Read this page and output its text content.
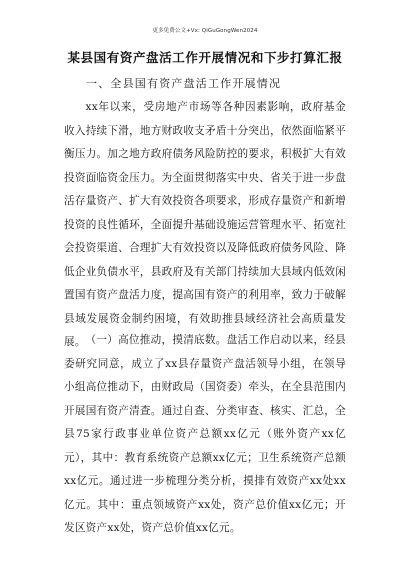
更多免费公文+Vx: QiGuGongWen2024
某县国有资产盘活工作开展情况和下步打算汇报
一、全县国有资产盘活工作开展情况

xx年以来，受房地产市场等各种因素影响，政府基金收入持续下滑，地方财政收支矛盾十分突出，依然面临紧平衡压力。加之地方政府债务风险防控的要求，积极扩大有效投资面临资金压力。为全面贯彻落实中央、省关于进一步盘活存量资产、扩大有效投资各项要求，形成存量资产和新增投资的良性循环，全面提升基础设施运营管理水平、拓宽社会投资渠道、合理扩大有效投资以及降低政府债务风险、降低企业负债水平，县政府及有关部门持续加大县域内低效闲置国有资产盘活力度，提高国有资产的利用率，致力于破解县域发展资金制约困境，有效助推县域经济社会高质量发展。 （一）高位推动，摸清底数。盘活工作启动以来，经县委研究同意，成立了xx县存量资产盘活领导小组，在领导小组高位推动下，由财政局（国资委）牵头，在全县范围内开展国有资产清查。通过自查、分类审查、核实、汇总，全县75家行政事业单位资产总额xx亿元（账外资产xx亿元），其中：教育系统资产总额xx亿元；卫生系统资产总额xx亿元。通过进一步梳理分类分析，摸排有效资产xx处xx亿元。其中：重点领域资产xx处，资产总价值xx亿元；开发区资产xx处，资产总价值xx亿元。
